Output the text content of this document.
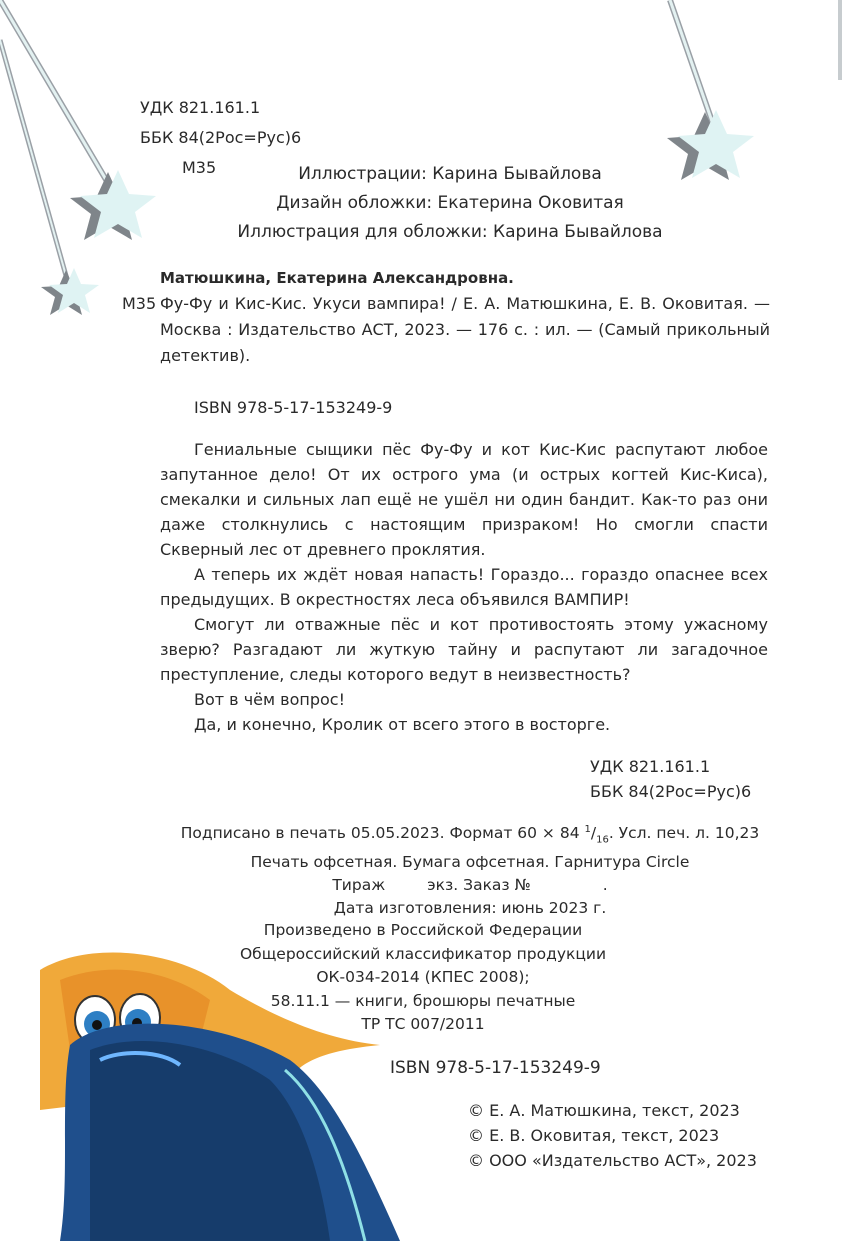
УДК 821.161.1
ББК 84(2Рос=Рус)6
М35	Иллюстрации: Карина Бывайлова
Дизайн обложки: Екатерина Оковитая
Иллюстрация для обложки: Карина Бывайлова
Матюшкина, Екатерина Александровна.
М35 Фу-Фу и Кис-Кис. Укуси вампира! / Е. А. Матюшкина, Е. В. Оковитая. — Москва : Издательство АСТ, 2023. — 176 с. : ил. — (Самый прикольный детектив).
ISBN 978-5-17-153249-9

Гениальные сыщики пёс Фу-Фу и кот Кис-Кис распутают любое запутанное дело! От их острого ума (и острых когтей Кис-Киса), смекалки и сильных лап ещё не ушёл ни один бандит. Как-то раз они даже столкнулись с настоящим призраком! Но смогли спасти Скверный лес от древнего проклятия.

А теперь их ждёт новая напасть! Гораздо... гораздо опаснее всех предыдущих. В окрестностях леса объявился ВАМПИР!

Смогут ли отважные пёс и кот противостоять этому ужасному зверю? Разгадают ли жуткую тайну и распутают ли загадочное преступление, следы которого ведут в неизвестность?

Вот в чём вопрос!

Да, и конечно, Кролик от всего этого в восторге.

УДК 821.161.1
ББК 84(2Рос=Рус)6
Подписано в печать 05.05.2023. Формат 60 × 84 $^1/_{16}$. Усл. печ. л. 10,23
Печать офсетная. Бумага офсетная. Гарнитура Circle
Тираж	экз. Заказ №	.
Дата изготовления: июнь 2023 г.
Произведено в Российской Федерации
Общероссийский классификатор продукции
ОК-034-2014 (КПЕС 2008);
58.11.1 — книги, брошюры печатные
ТР ТС 007/2011
ISBN 978-5-17-153249-9
© Е. А. Матюшкина, текст, 2023
© Е. В. Оковитая, текст, 2023
© ООО «Издательство АСТ», 2023
